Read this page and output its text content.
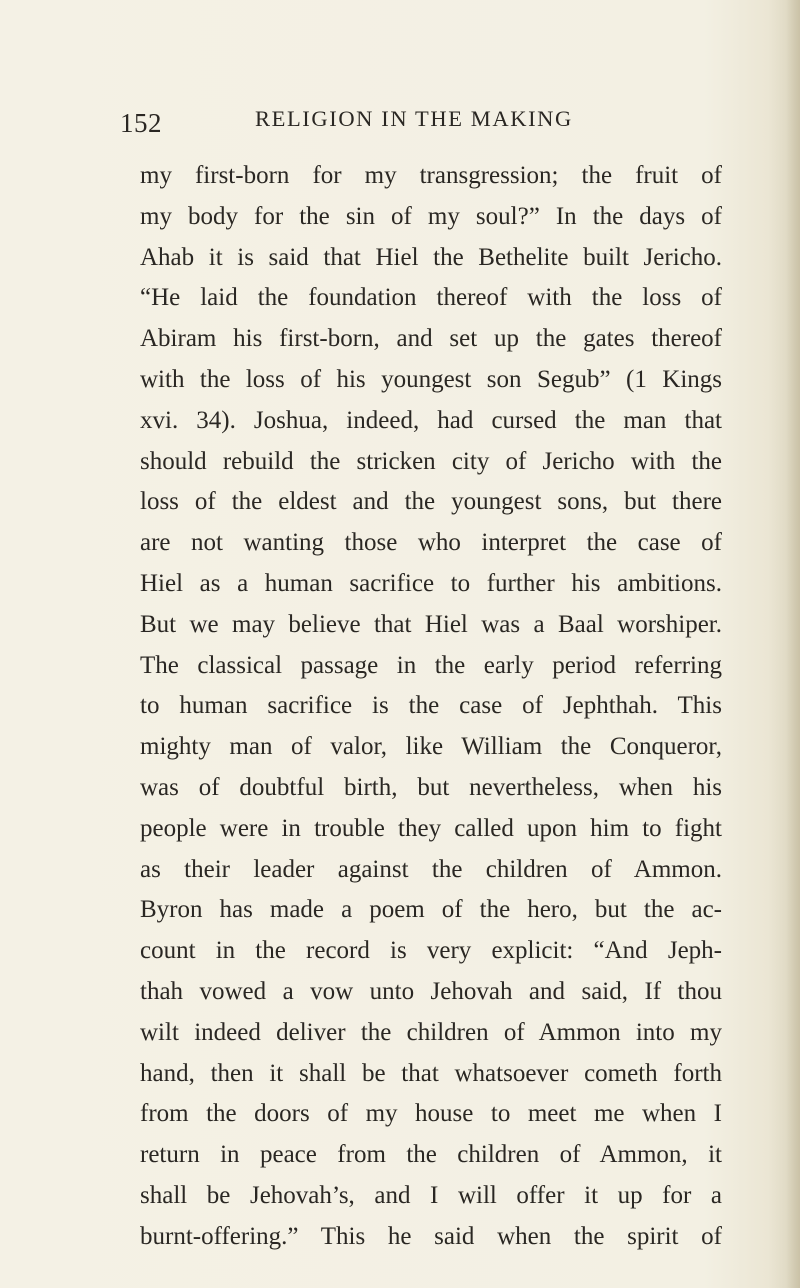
152	RELIGION IN THE MAKING
my first-born for my transgression; the fruit of
my body for the sin of my soul?” In the days of
Ahab it is said that Hiel the Bethelite built Jericho.
“He laid the foundation thereof with the loss of
Abiram his first-born, and set up the gates thereof
with the loss of his youngest son Segub” (1 Kings
xvi. 34). Joshua, indeed, had cursed the man that
should rebuild the stricken city of Jericho with the
loss of the eldest and the youngest sons, but there
are not wanting those who interpret the case of
Hiel as a human sacrifice to further his ambitions.
But we may believe that Hiel was a Baal worshiper.
The classical passage in the early period referring
to human sacrifice is the case of Jephthah. This
mighty man of valor, like William the Conqueror,
was of doubtful birth, but nevertheless, when his
people were in trouble they called upon him to fight
as their leader against the children of Ammon.
Byron has made a poem of the hero, but the ac-
count in the record is very explicit: “And Jeph-
thah vowed a vow unto Jehovah and said, If thou
wilt indeed deliver the children of Ammon into my
hand, then it shall be that whatsoever cometh forth
from the doors of my house to meet me when I
return in peace from the children of Ammon, it
shall be Jehovah’s, and I will offer it up for a
burnt-offering.” This he said when the spirit of
